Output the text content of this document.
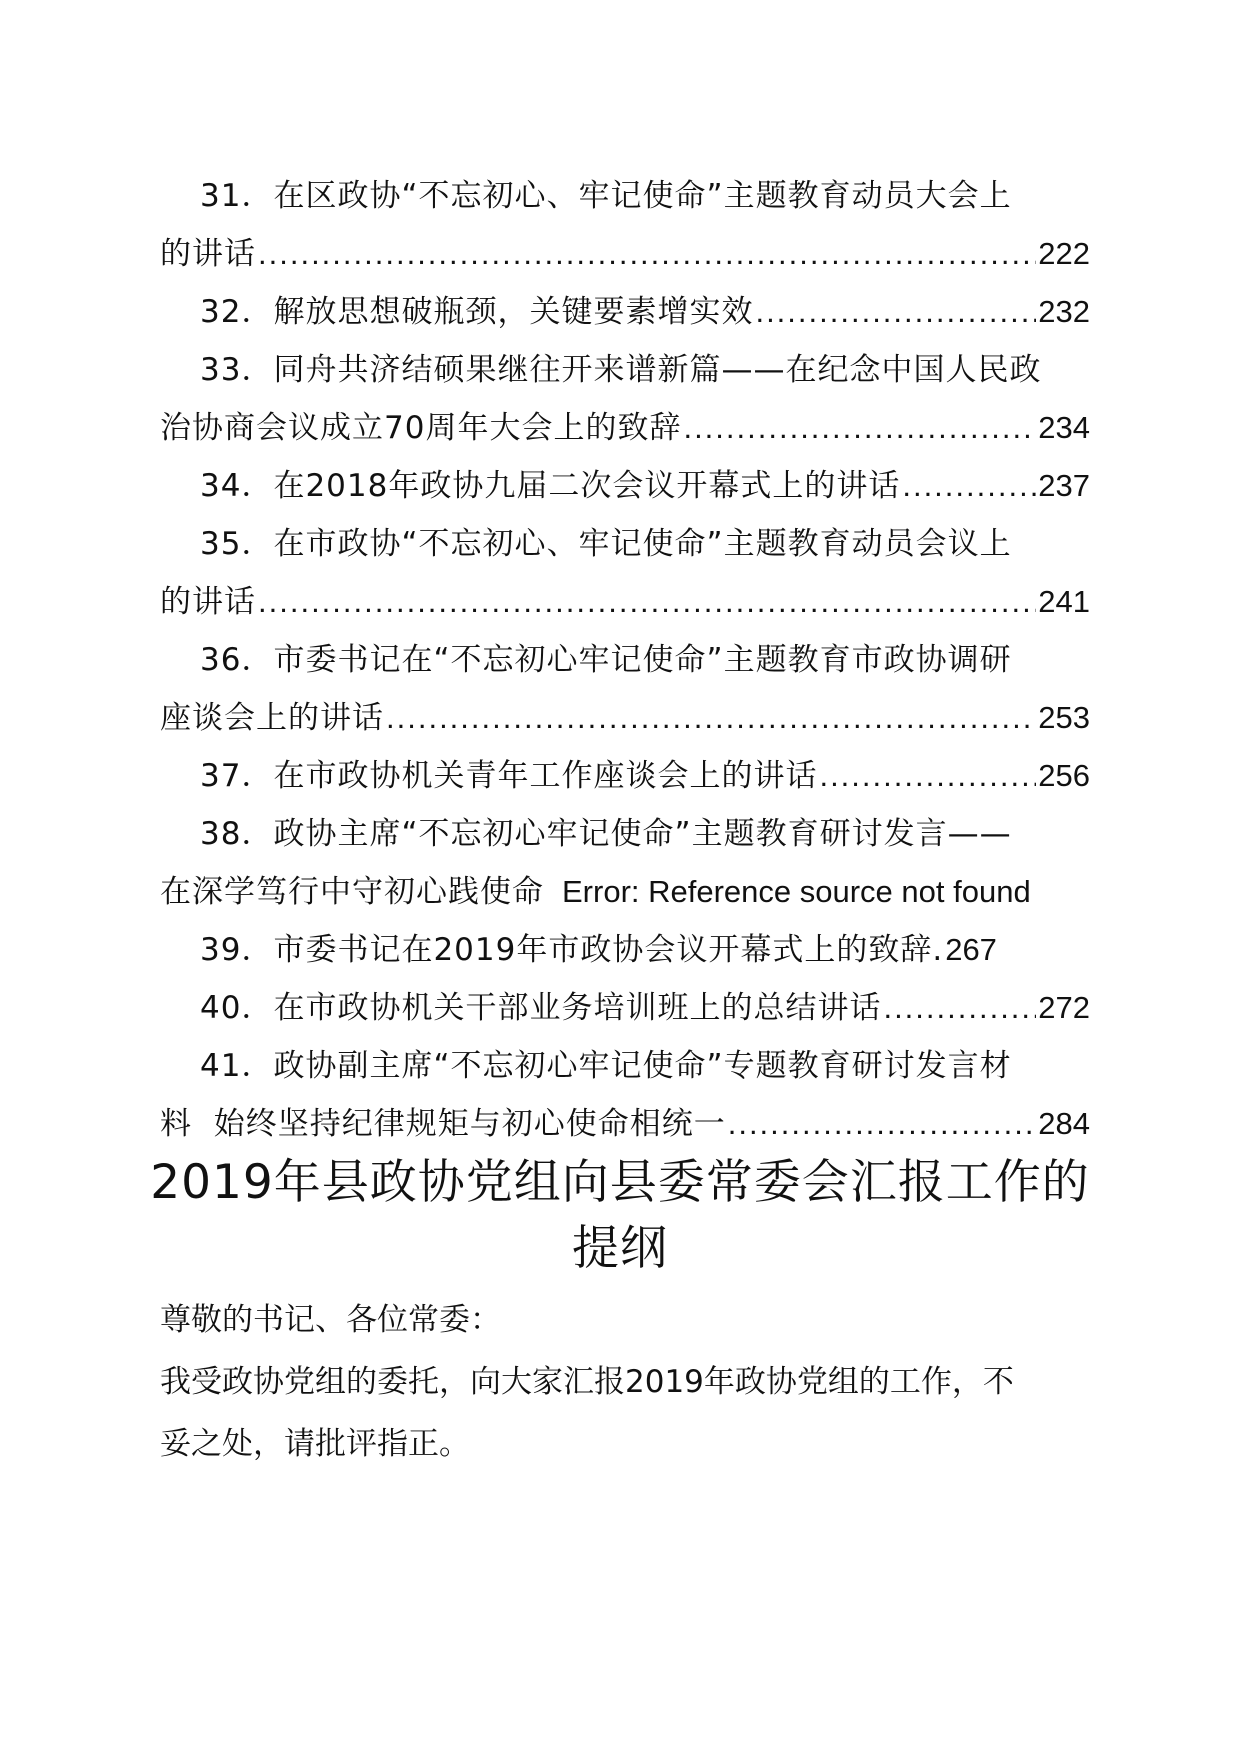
31．在区政协“不忘初心、牢记使命”主题教育动员大会上
的讲话 .....	222
32．解放思想破瓶颈，关键要素增实效 .....	232
33．同舟共济结硕果继往开来谱新篇——在纪念中国人民政
治协商会议成立70周年大会上的致辞 .....	234
34．在2018年政协九届二次会议开幕式上的讲话 .....	237
35．在市政协“不忘初心、牢记使命”主题教育动员会议上
的讲话 .....	241
36．市委书记在“不忘初心牢记使命”主题教育市政协调研
座谈会上的讲话 .....	253
37．在市政协机关青年工作座谈会上的讲话 .....	256
38．政协主席“不忘初心牢记使命”主题教育研讨发言——
在深学笃行中守初心践使命 Error: Reference source not found
39．市委书记在2019年市政协会议开幕式上的致辞. 267
40．在市政协机关干部业务培训班上的总结讲话 .....	272
41．政协副主席“不忘初心牢记使命”专题教育研讨发言材
料  始终坚持纪律规矩与初心使命相统一 .....	284
2019年县政协党组向县委常委会汇报工作的
提纲
尊敬的书记、各位常委：
我受政协党组的委托，向大家汇报2019年政协党组的工作，不
妥之处，请批评指正。
